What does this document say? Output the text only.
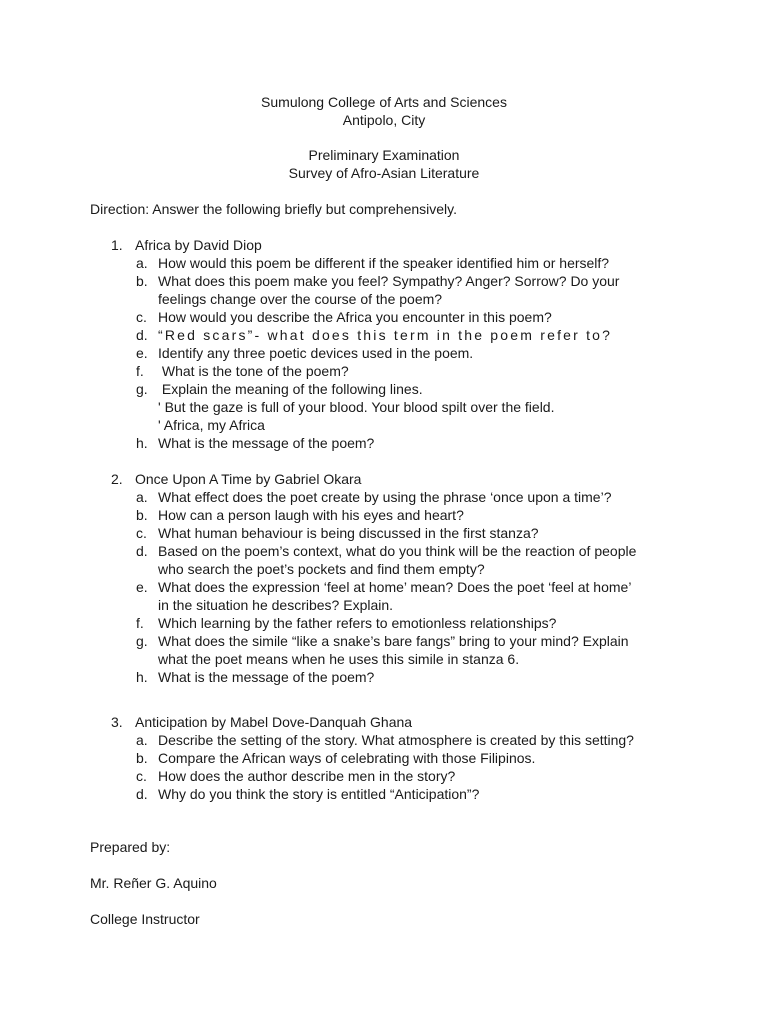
Sumulong College of Arts and Sciences
Antipolo, City
Preliminary Examination
Survey of Afro-Asian Literature
Direction: Answer the following briefly but comprehensively.
1. Africa by David Diop
a. How would this poem be different if the speaker identified him or herself?
b. What does this poem make you feel? Sympathy? Anger? Sorrow? Do your
feelings change over the course of the poem?
c. How would you describe the Africa you encounter in this poem?
d. “Red scars”- what does this term in the poem refer to?
e. Identify any three poetic devices used in the poem.
f. What is the tone of the poem?
g. Explain the meaning of the following lines.
' But the gaze is full of your blood. Your blood spilt over the field.
' Africa, my Africa
h. What is the message of the poem?
2. Once Upon A Time by Gabriel Okara
a. What effect does the poet create by using the phrase ‘once upon a time’?
b. How can a person laugh with his eyes and heart?
c. What human behaviour is being discussed in the first stanza?
d. Based on the poem’s context, what do you think will be the reaction of people
who search the poet’s pockets and find them empty?
e. What does the expression ‘feel at home’ mean? Does the poet ‘feel at home’
in the situation he describes? Explain.
f. Which learning by the father refers to emotionless relationships?
g. What does the simile “like a snake’s bare fangs” bring to your mind? Explain
what the poet means when he uses this simile in stanza 6.
h. What is the message of the poem?
3. Anticipation by Mabel Dove-Danquah Ghana
a. Describe the setting of the story. What atmosphere is created by this setting?
b. Compare the African ways of celebrating with those Filipinos.
c. How does the author describe men in the story?
d. Why do you think the story is entitled “Anticipation”?
Prepared by:
Mr. Reñer G. Aquino
College Instructor
